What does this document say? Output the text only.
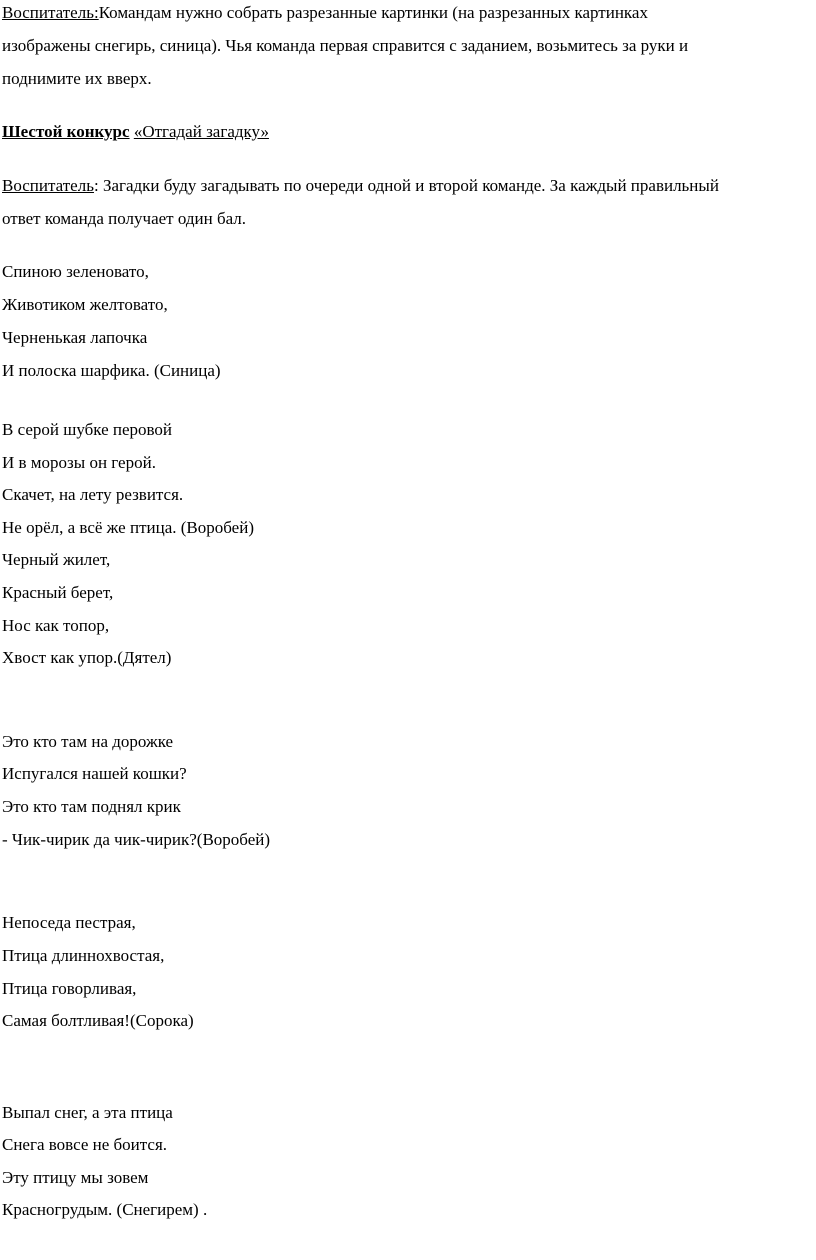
Воспитатель:Командам нужно собрать разрезанные картинки (на разрезанных картинках
изображены снегирь, синица). Чья команда первая справится с заданием, возьмитесь за руки и
поднимите их вверх.
Шестой конкурс «Отгадай загадку»
Воспитатель: Загадки буду загадывать по очереди одной и второй команде. За каждый правильный
ответ команда получает один бал.
Спиною зеленовато,
Животиком желтовато,
Черненькая лапочка
И полоска шарфика. (Синица)
В серой шубке перовой
И в морозы он герой.
Скачет, на лету резвится.
Не орёл, а всё же птица. (Воробей)
Черный жилет,
Красный берет,
Нос как топор,
Хвост как упор.(Дятел)
Это кто там на дорожке
Испугался нашей кошки?
Это кто там поднял крик
- Чик-чирик да чик-чирик?(Воробей)
Непоседа пестрая,
Птица длиннохвостая,
Птица говорливая,
Самая болтливая!(Сорока)
Выпал снег, а эта птица
Снега вовсе не боится.
Эту птицу мы зовем
Красногрудым. (Снегирем) .
